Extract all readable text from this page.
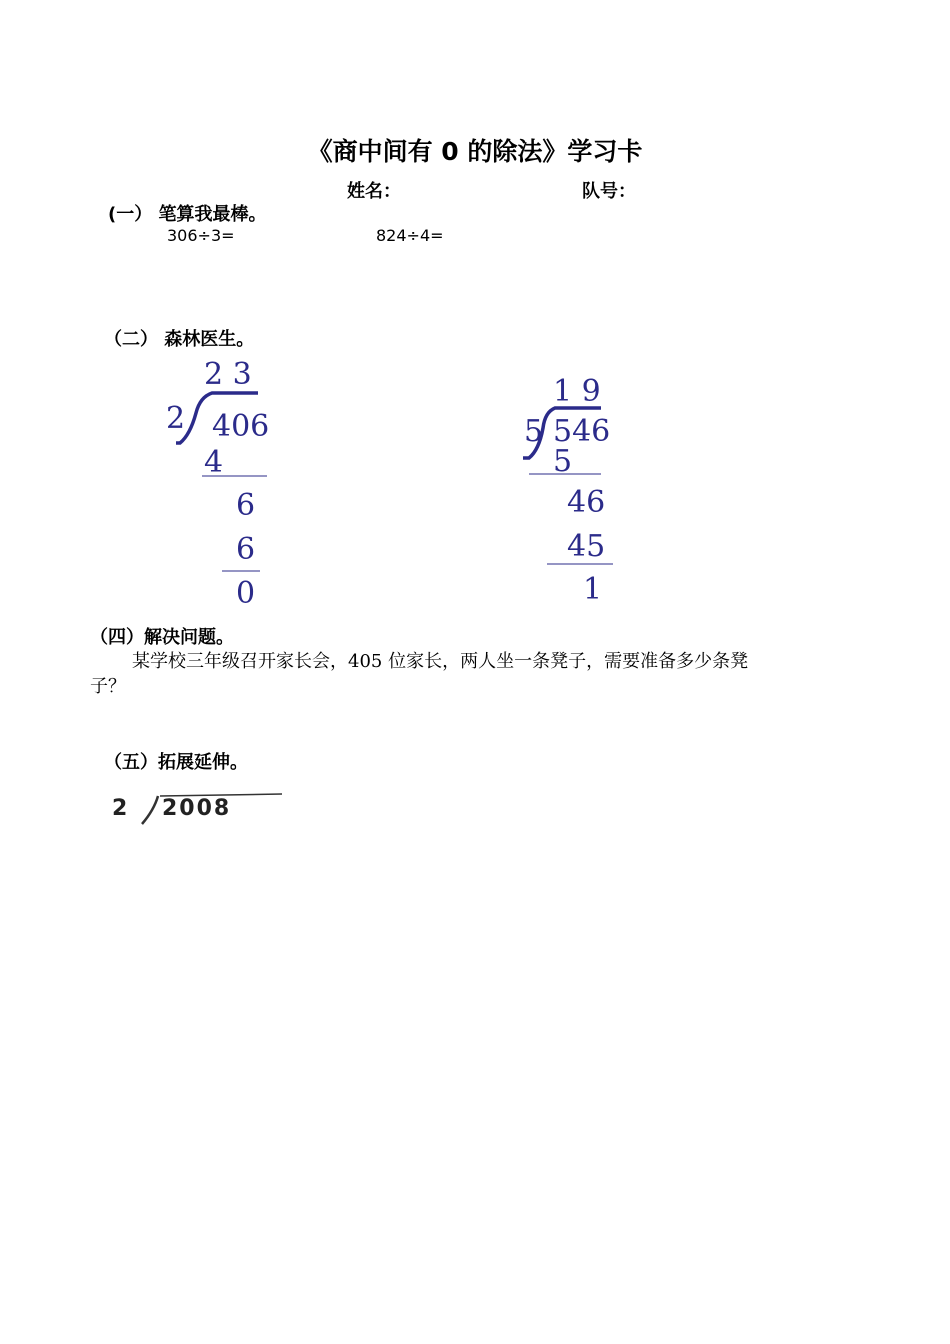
《商中间有 0 的除法》学习卡
姓名：	队号：
(一） 笔算我最棒。
306÷3=	824÷4=
（二） 森林医生。
2 3
2 406
4
6
6
0
1 9
5 546
5
46
45
1
（四）解决问题。
某学校三年级召开家长会，405 位家长，两人坐一条凳子，需要准备多少条凳
子？
（五）拓展延伸。
2 2008
